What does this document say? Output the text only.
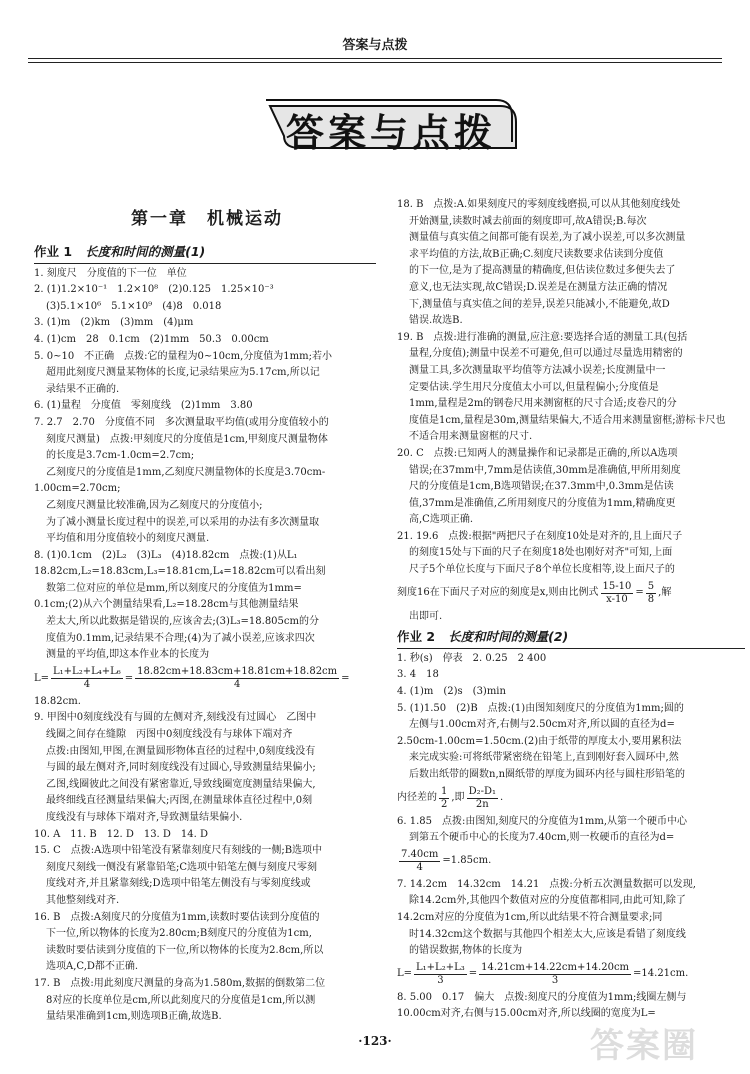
答案与点拨
答案与点拨
第一章　机械运动
作业 1 长度和时间的测量(1)
1. 刻度尺　分度值的下一位　单位
2. (1)1.2×10⁻¹　1.2×10⁸　(2)0.125　1.25×10⁻³
(3)5.1×10⁶　5.1×10⁹　(4)8　0.018
3. (1)m　(2)km　(3)mm　(4)μm
4. (1)cm　28　0.1cm　(2)1mm　50.3　0.00cm
5. 0~10　不正确　点拨:它的量程为0~10cm,分度值为1mm;若小
超用此刻度尺测量某物体的长度,记录结果应为5.17cm,所以记
录结果不正确的.
6. (1)量程　分度值　零刻度线　(2)1mm　3.80
7. 2.7　2.70　分度值不同　多次测量取平均值(或用分度值较小的
刻度尺测量)　点拨:甲刻度尺的分度值是1cm,甲刻度尺测量物体
的长度是3.7cm-1.0cm=2.7cm;
乙刻度尺的分度值是1mm,乙刻度尺测量物体的长度是3.70cm-
1.00cm=2.70cm;
乙刻度尺测量比较准确,因为乙刻度尺的分度值小;
为了减小测量长度过程中的误差,可以采用的办法有多次测量取
平均值和用分度值较小的刻度尺测量.
8. (1)0.1cm　(2)L₂　(3)L₃　(4)18.82cm　点拨:(1)从L₁
18.82cm,L₂=18.83cm,L₃=18.81cm,L₄=18.82cm可以看出刻
数第二位对应的单位是mm,所以刻度尺的分度值为1mm=
0.1cm;(2)从六个测量结果看,L₂=18.28cm与其他测量结果
差太大,所以此数据是错误的,应该舍去;(3)L₃=18.805cm的分
度值为0.1mm,记录结果不合理;(4)为了减小误差,应该求四次
测量的平均值,即这本作业本的长度为
$L= \frac{\text{L₁+L₂+L₄+L₆}}{4} = \frac{18.82cm+18.83cm+18.81cm+18.82cm}{4}$ =
18.82cm.
9. 甲图中0刻度线没有与圆的左侧对齐,刻线没有过圆心　乙图中
线圈之间存在缝隙　丙图中0刻度线没有与球体下端对齐
点拨:由图知,甲图,在测量圆形物体直径的过程中,0刻度线没有
与圆的最左侧对齐,同时刻度线没有过圆心,导致测量结果偏小;
乙图,线圈彼此之间没有紧密靠近,导致线圈宽度测量结果偏大,
最终细线直径测量结果偏大;丙图,在测量球体直径过程中,0刻
度线没有与球体下端对齐,导致测量结果偏小.
10. A　11. B　12. D　13. D　14. D
15. C　点拨:A选项中铅笔没有紧靠刻度尺有刻线的一侧;B选项中
刻度尺刻线一侧没有紧靠铅笔;C选项中铅笔左侧与刻度尺零刻
度线对齐,并且紧靠刻线;D选项中铅笔左侧没有与零刻度线或
其他整刻线对齐.
16. B　点拨:A刻度尺的分度值为1mm,读数时要估读到分度值的
下一位,所以物体的长度为2.80cm;B刻度尺的分度值为1cm,
读数时要估读到分度值的下一位,所以物体的长度为2.8cm,所以
选项A,C,D都不正确.
17. B　点拨:用此刻度尺测量的身高为1.580m,数据的倒数第二位
8对应的长度单位是cm,所以此刻度尺的分度值是1cm,所以测
量结果准确到1cm,则选项B正确,故选B.
18. B　点拨:A.如果刻度尺的零刻度线磨损,可以从其他刻度线处
开始测量,读数时减去前面的刻度即可,故A错误;B.每次
测量值与真实值之间都可能有误差,为了减小误差,可以多次测量
求平均值的方法,故B正确;C.刻度尺读数要求估读到分度值
的下一位,是为了提高测量的精确度,但估读位数过多便失去了
意义,也无法实现,故C错误;D.误差是在测量方法正确的情况
下,测量值与真实值之间的差异,误差只能减小,不能避免,故D
错误.故选B.
19. B　点拨:进行准确的测量,应注意:要选择合适的测量工具(包括
量程,分度值);测量中误差不可避免,但可以通过尽量选用精密的
测量工具,多次测量取平均值等方法减小误差;长度测量中一
定要估读.学生用尺分度值太小可以,但量程偏小;分度值是
1mm,量程是2m的钢卷尺用来测窗框的尺寸合适;皮卷尺的分
度值是1cm,量程是30m,测量结果偏大,不适合用来测量窗框;游标卡尺也
不适合用来测量窗框的尺寸.
20. C　点拨:已知两人的测量操作和记录都是正确的,所以A选项
错误;在37mm中,7mm是估读值,30mm是准确值,甲所用刻度
尺的分度值是1cm,B选项错误;在37.3mm中,0.3mm是估读
值,37mm是准确值,乙所用刻度尺的分度值为1mm,精确度更
高,C选项正确.
21. 19.6　点拨:根据"两把尺子在刻度10处是对齐的,且上面尺子
的刻度15处与下面的尺子在刻度18处也刚好对齐"可知,上面
尺子5个单位长度与下面尺子8个单位长度相等,设上面尺子的
刻度16在下面尺子对应的刻度是x,则由比例式 $\frac{15-10}{x-10} = \frac{5}{8}$ ,解
出即可.
作业 2 长度和时间的测量(2)
1. 秒(s)　停表　2. 0.25　2 400
3. 4　18
4. (1)m　(2)s　(3)min
5. (1)1.50　(2)B　点拨:(1)由图知刻度尺的分度值为1mm;圆的
左侧与1.00cm对齐,右侧与2.50cm对齐,所以圆的直径为d=
2.50cm-1.00cm=1.50cm.(2)由于纸带的厚度太小,要用累积法
来完成实验:可将纸带紧密绕在铅笔上,直到刚好套入圆环中,然
后数出纸带的圈数n,n圈纸带的厚度为圆环内径与圆柱形铅笔的
内径差的 $\frac{1}{2}$ ,即 $\frac{\text{D₂-D₁}}{2n}$ .
6. 1.85　点拨:由图知,刻度尺的分度值为1mm,从第一个硬币中心
到第五个硬币中心的长度为7.40cm,则一枚硬币的直径为d=
$\frac{7.40cm}{4} =1.85cm$.
7. 14.2cm　14.32cm　14.21　点拨:分析五次测量数据可以发现,
除14.2cm外,其他四个数值对应的分度值都相同,由此可知,除了
14.2cm对应的分度值为1cm,所以此结果不符合测量要求;同
时14.32cm这个数据与其他四个相差太大,应该是看错了刻度线
的错误数据,物体的长度为
$L= \frac{\text{L₁+L₂+L₃}}{3} = \frac{14.21cm+14.22cm+14.20cm}{3} =14.21cm$.
8. 5.00　0.17　偏大　点拨:刻度尺的分度值为1mm;线圈左侧与
10.00cm对齐,右侧与15.00cm对齐,所以线圈的宽度为L=
·123·	答案圈
